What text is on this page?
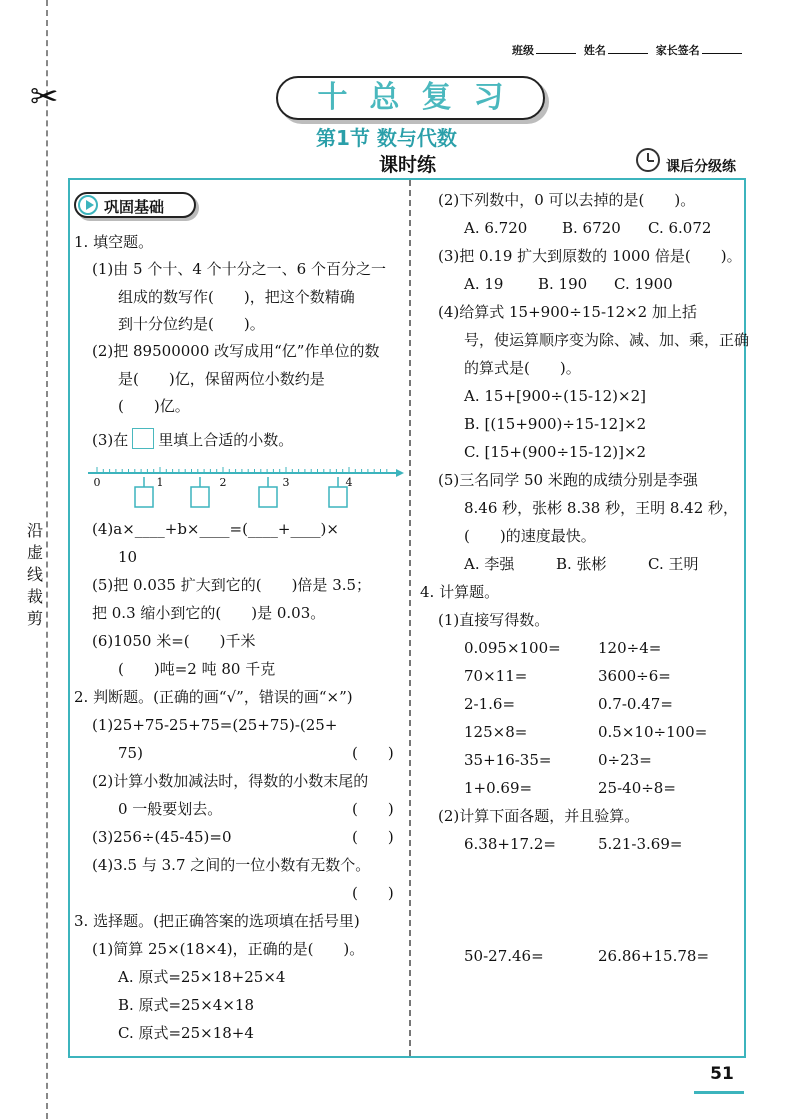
✂
沿
虚
线
裁
剪
班级	姓名	家长签名
十总复习
第1节 数与代数
课时练	课后分级练
巩固基础
1. 填空题。
(1)由 5 个十、4 个十分之一、6 个百分之一
组成的数写作(　　)，把这个数精确
到十分位约是(　　)。
(2)把 89500000 改写成用“亿”作单位的数
是(　　)亿，保留两位小数约是
(　　)亿。
(3)在 里填上合适的小数。
0	1	2	3	4
(4)a×____+b×____=(____+____)×
10
(5)把 0.035 扩大到它的(　　)倍是 3.5；
把 0.3 缩小到它的(　　)是 0.03。
(6)1050 米=(　　)千米
(　　)吨=2 吨 80 千克
2. 判断题。(正确的画“√”，错误的画“×”)
(1)25+75-25+75=(25+75)-(25+
75)	(　　)
(2)计算小数加减法时，得数的小数末尾的
0 一般要划去。	(　　)
(3)256÷(45-45)=0	(　　)
(4)3.5 与 3.7 之间的一位小数有无数个。
(　　)
3. 选择题。(把正确答案的选项填在括号里)
(1)简算 25×(18×4)，正确的是(　　)。
A. 原式=25×18+25×4
B. 原式=25×4×18
C. 原式=25×18+4
(2)下列数中，0 可以去掉的是(　　)。
A. 6.720 B. 6720 C. 6.072
(3)把 0.19 扩大到原数的 1000 倍是(　　)。
A. 19 B. 190 C. 1900
(4)给算式 15+900÷15-12×2 加上括
号，使运算顺序变为除、减、加、乘，正确
的算式是(　　)。
A. 15+[900÷(15-12)×2]
B. [(15+900)÷15-12]×2
C. [15+(900÷15-12)]×2
(5)三名同学 50 米跑的成绩分别是李强
8.46 秒，张彬 8.38 秒，王明 8.42 秒，
(　　)的速度最快。
A. 李强	B. 张彬	C. 王明
4. 计算题。
(1)直接写得数。
0.095×100= 120÷4=
70×11=	3600÷6=
2-1.6=	0.7-0.47=
125×8=	0.5×10÷100=
35+16-35=	0÷23=
1+0.69=	25-40÷8=
(2)计算下面各题，并且验算。
6.38+17.2=	5.21-3.69=
50-27.46=	26.86+15.78=
51
